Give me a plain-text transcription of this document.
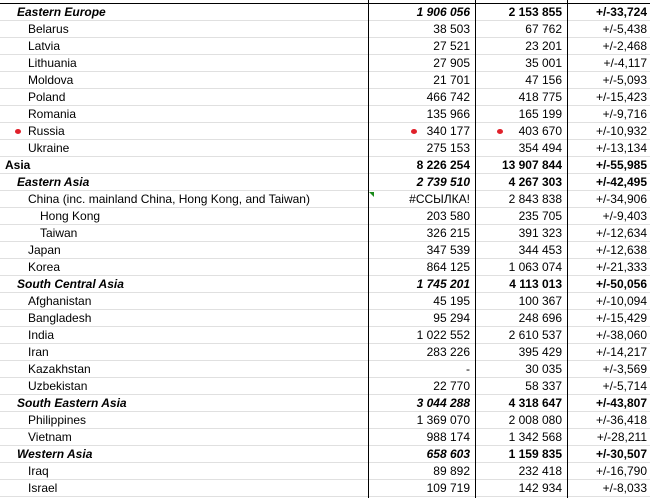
Eastern Europe	1 906 056	2 153 855	+/-33,724
Belarus	38 503	67 762	+/-5,438
Latvia	27 521	23 201	+/-2,468
Lithuania	27 905	35 001	+/-4,117
Moldova	21 701	47 156	+/-5,093
Poland	466 742	418 775	+/-15,423
Romania	135 966	165 199	+/-9,716
Russia	340 177	403 670	+/-10,932
Ukraine	275 153	354 494	+/-13,134
Asia	8 226 254	13 907 844	+/-55,985
Eastern Asia	2 739 510	4 267 303	+/-42,495
China (inc. mainland China, Hong Kong, and Taiwan)	#ССЫЛКА!	2 843 838	+/-34,906
Hong Kong	203 580	235 705	+/-9,403
Taiwan	326 215	391 323	+/-12,634
Japan	347 539	344 453	+/-12,638
Korea	864 125	1 063 074	+/-21,333
South Central Asia	1 745 201	4 113 013	+/-50,056
Afghanistan	45 195	100 367	+/-10,094
Bangladesh	95 294	248 696	+/-15,429
India	1 022 552	2 610 537	+/-38,060
Iran	283 226	395 429	+/-14,217
Kazakhstan	-	30 035	+/-3,569
Uzbekistan	22 770	58 337	+/-5,714
South Eastern Asia	3 044 288	4 318 647	+/-43,807
Philippines	1 369 070	2 008 080	+/-36,418
Vietnam	988 174	1 342 568	+/-28,211
Western Asia	658 603	1 159 835	+/-30,507
Iraq	89 892	232 418	+/-16,790
Israel	109 719	142 934	+/-8,033
